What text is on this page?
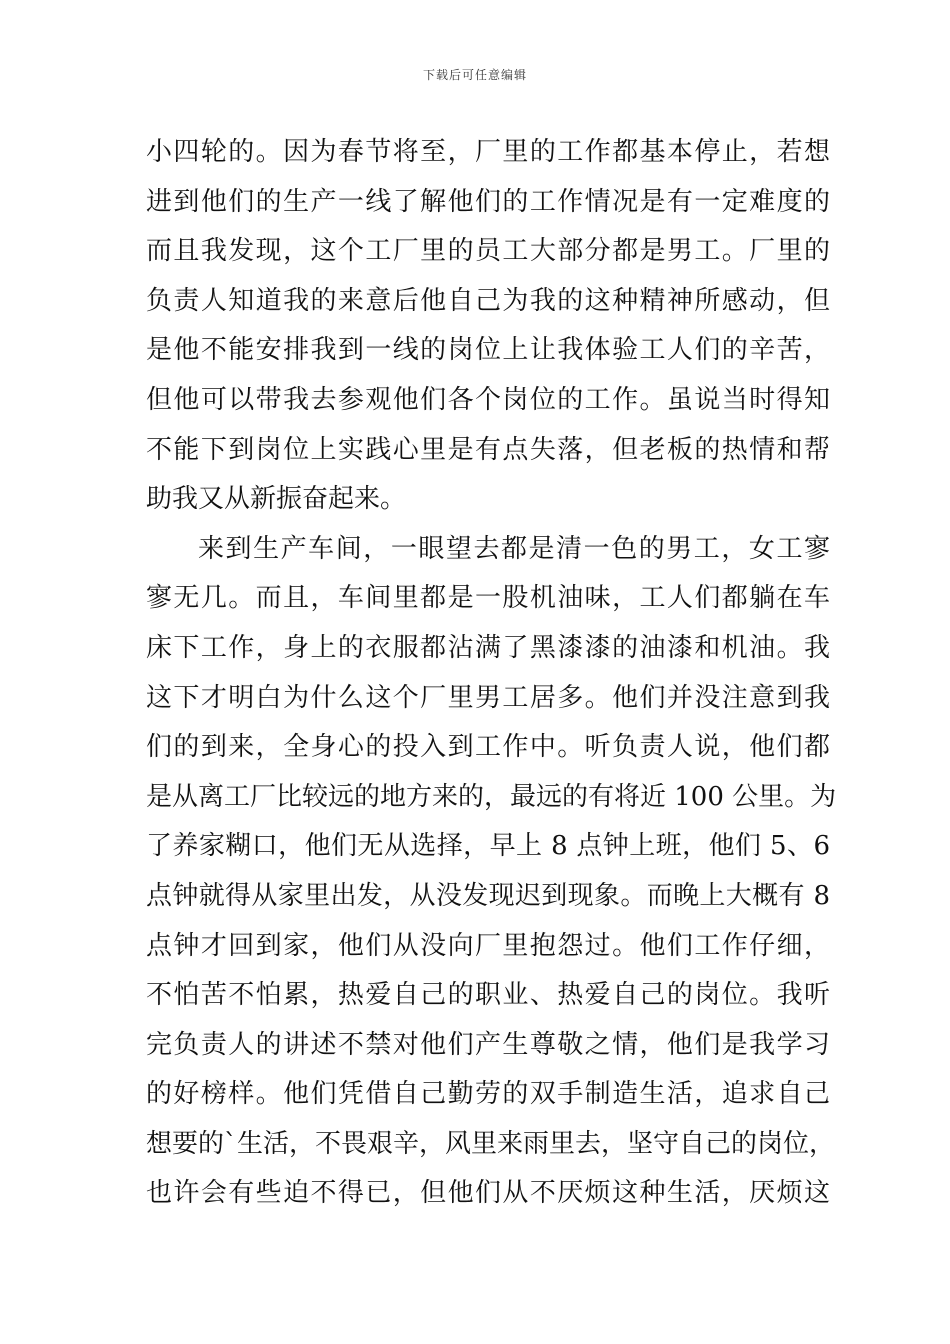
下载后可任意编辑
小四轮的。因为春节将至，厂里的工作都基本停止，若想
进到他们的生产一线了解他们的工作情况是有一定难度的
而且我发现，这个工厂里的员工大部分都是男工。厂里的
负责人知道我的来意后他自己为我的这种精神所感动，但
是他不能安排我到一线的岗位上让我体验工人们的辛苦，
但他可以带我去参观他们各个岗位的工作。虽说当时得知
不能下到岗位上实践心里是有点失落，但老板的热情和帮
助我又从新振奋起来。
来到生产车间，一眼望去都是清一色的男工，女工寥
寥无几。而且，车间里都是一股机油味，工人们都躺在车
床下工作，身上的衣服都沾满了黑漆漆的油漆和机油。我
这下才明白为什么这个厂里男工居多。他们并没注意到我
们的到来，全身心的投入到工作中。听负责人说，他们都
是从离工厂比较远的地方来的，最远的有将近 100 公里。为
了养家糊口，他们无从选择，早上 8 点钟上班，他们 5、6
点钟就得从家里出发，从没发现迟到现象。而晚上大概有 8
点钟才回到家，他们从没向厂里抱怨过。他们工作仔细，
不怕苦不怕累，热爱自己的职业、热爱自己的岗位。我听
完负责人的讲述不禁对他们产生尊敬之情，他们是我学习
的好榜样。他们凭借自己勤劳的双手制造生活，追求自己
想要的`生活，不畏艰辛，风里来雨里去，坚守自己的岗位，
也许会有些迫不得已，但他们从不厌烦这种生活，厌烦这
